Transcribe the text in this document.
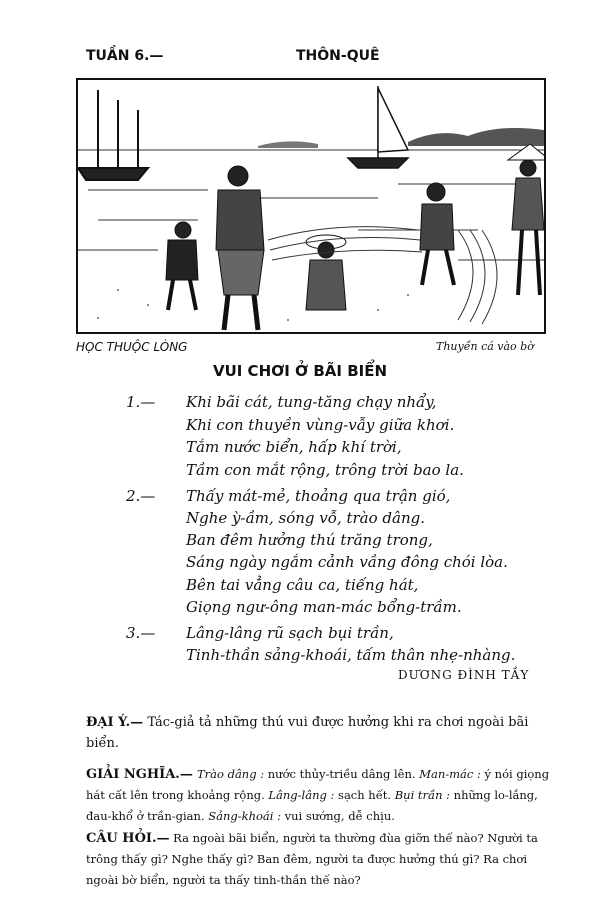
TUẦN 6.—	THÔN-QUÊ
HỌC THUỘC LÒNG	Thuyền cá vào bờ
VUI CHƠI Ở BÃI BIỂN
1.— Khi bãi cát, tung-tăng chạy nhẩy,
Khi con thuyền vùng-vẫy giữa khơi.
Tắm nước biển, hấp khí trời,
Tầm con mắt rộng, trông trời bao la.
2.— Thấy mát-mẻ, thoảng qua trận gió,
Nghe ỳ-ầm, sóng vỗ, trào dâng.
Ban đêm hưởng thú trăng trong,
Sáng ngày ngắm cảnh vầng đông chói lòa.
Bên tai vẳng câu ca, tiếng hát,
Giọng ngư-ông man-mác bổng-trầm.
3.— Lâng-lâng rũ sạch bụi trần,
Tinh-thần sảng-khoái, tấm thân nhẹ-nhàng.
DƯƠNG ĐÌNH TẦY
ĐẠI Ý.— Tác-giả tả những thú vui được hưởng khi ra chơi ngoài bãi biển.
GIẢI NGHĨA.— Trào dâng : nước thủy-triều dâng lên. Man-mác : ý nói giọng hát cất lên trong khoảng rộng. Lâng-lâng : sạch hết. Bụi trần : những lo-lắng, đau-khổ ở trần-gian. Sảng-khoái : vui sướng, dễ chịu.
CÂU HỎI.— Ra ngoài bãi biển, người ta thường đùa giỡn thế nào? Người ta trông thấy gì? Nghe thấy gì? Ban đêm, người ta được hưởng thú gì? Ra chơi ngoài bờ biển, người ta thấy tinh-thần thế nào?
